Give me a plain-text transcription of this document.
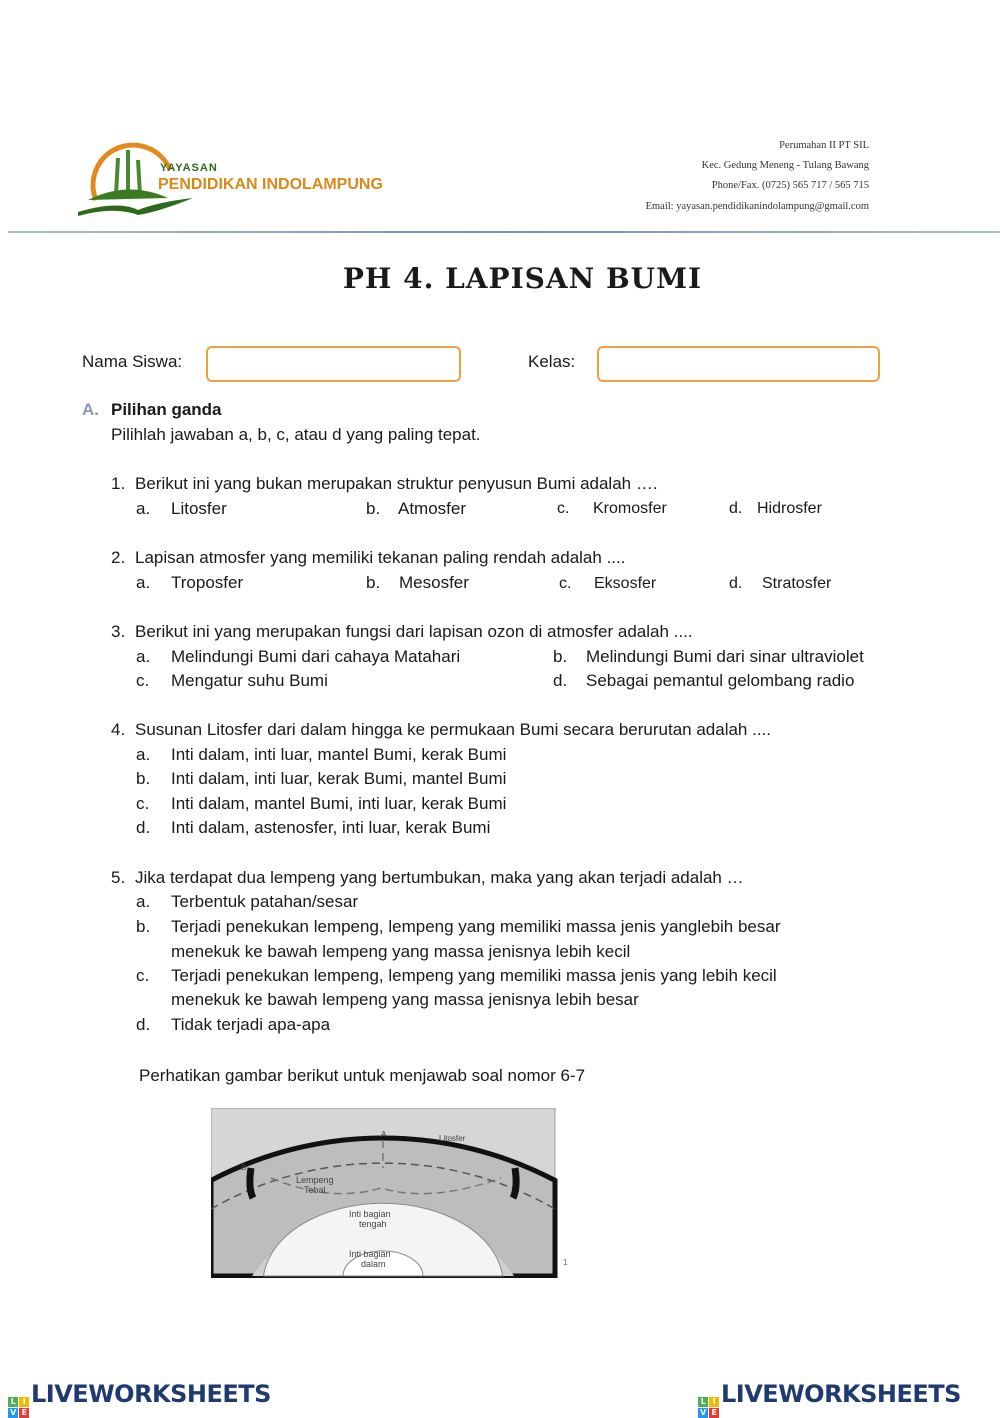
YAYASAN
PENDIDIKAN INDOLAMPUNG
Perumahan II PT SIL
Kec. Gedung Meneng - Tulang Bawang
Phone/Fax. (0725) 565 717 / 565 715
Email: yayasan.pendidikanindolampung@gmail.com
PH 4. LAPISAN BUMI
Nama Siswa:	Kelas:
A. Pilihan ganda
Pilihlah jawaban a, b, c, atau d yang paling tepat.
1. Berikut ini yang bukan merupakan struktur penyusun Bumi adalah ….
a. Litosfer	b. Atmosfer	c. Kromosfer	d. Hidrosfer
2. Lapisan atmosfer yang memiliki tekanan paling rendah adalah ....
a. Troposfer	b. Mesosfer	c. Eksosfer	d. Stratosfer
3. Berikut ini yang merupakan fungsi dari lapisan ozon di atmosfer adalah ....
a. Melindungi Bumi dari cahaya Matahari	b. Melindungi Bumi dari sinar ultraviolet
c. Mengatur suhu Bumi	d. Sebagai pemantul gelombang radio
4. Susunan Litosfer dari dalam hingga ke permukaan Bumi secara berurutan adalah ....
a. Inti dalam, inti luar, mantel Bumi, kerak Bumi
b. Inti dalam, inti luar, kerak Bumi, mantel Bumi
c. Inti dalam, mantel Bumi, inti luar, kerak Bumi
d. Inti dalam, astenosfer, inti luar, kerak Bumi
5. Jika terdapat dua lempeng yang bertumbukan, maka yang akan terjadi adalah …
a. Terbentuk patahan/sesar
b. Terjadi penekukan lempeng, lempeng yang memiliki massa jenis yanglebih besar
menekuk ke bawah lempeng yang massa jenisnya lebih kecil
c. Terjadi penekukan lempeng, lempeng yang memiliki massa jenis yang lebih kecil
menekuk ke bawah lempeng yang massa jenisnya lebih besar
d. Tidak terjadi apa-apa
Perhatikan gambar berikut untuk menjawab soal nomor 6-7
A
B
Litosfer
Lempeng
Tebal
Inti bagian
tengah
Inti bagian
dalam	1
L I
V E
LIVEWORKSHEETS	L I
V E
LIVEWORKSHEETS
